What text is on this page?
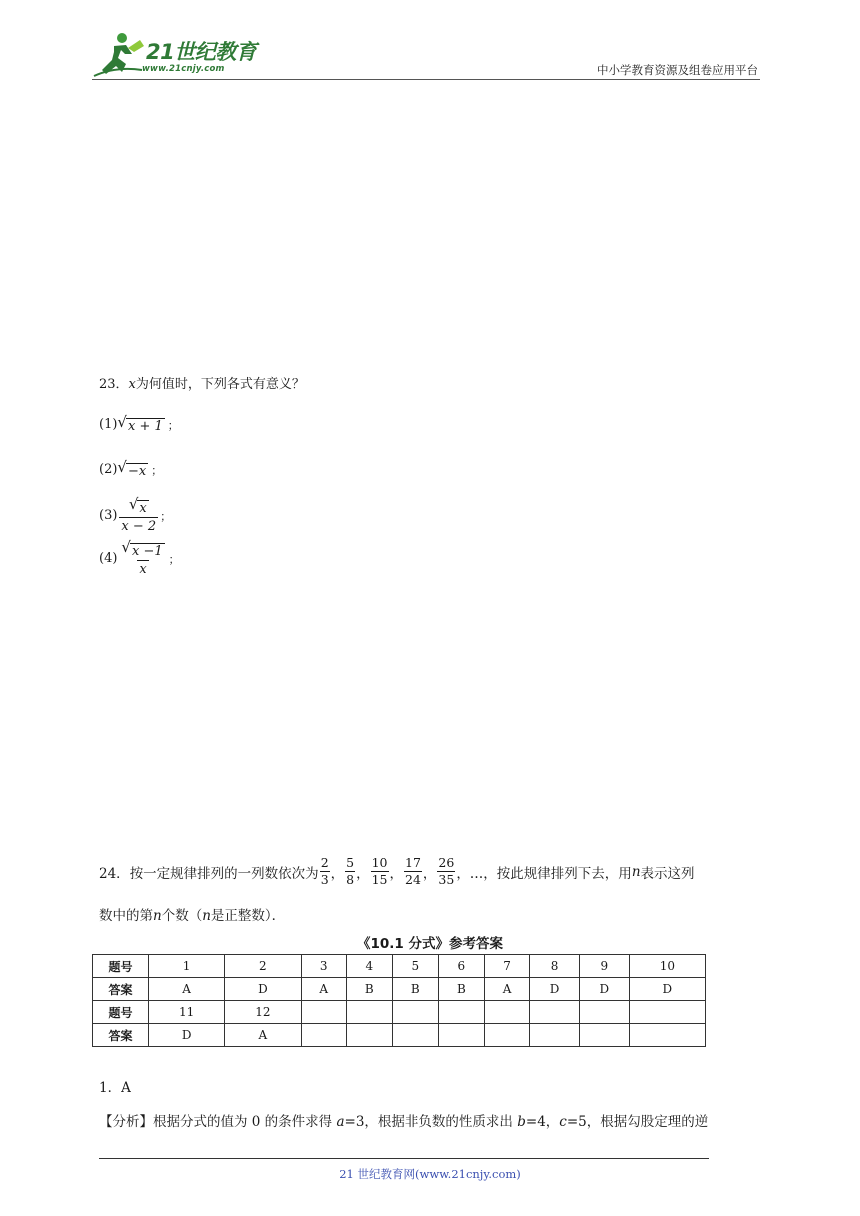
21世纪教育
www.21cnjy.com	中小学教育资源及组卷应用平台
23．x为何值时，下列各式有意义？
(1) √ x + 1 ；
(2) √ −x ；
$(3) \frac{√ x}{x - 2}$ ；
$(4) \frac{√ x -1}{x}$ ；
24． 按一定规律排列的一列数依次为
2
3 ，
5
8 ，
10
15 ，
17
24 ，
26
35 ，…，按此规律排列下去，用 n 表示这列
数中的第n个数（n是正整数）．
《10.1 分式》参考答案
题号	1	2	3	4	5	6	7	8	9	10
答案	A	D	A	B	B	B	A	D	D	D
题号	11	12								
答案	D	A								
1．A
【分析】根据分式的值为 0 的条件求得 a=3，根据非负数的性质求出 b=4，c=5，根据勾股定理的逆
21 世纪教育网(www.21cnjy.com)
